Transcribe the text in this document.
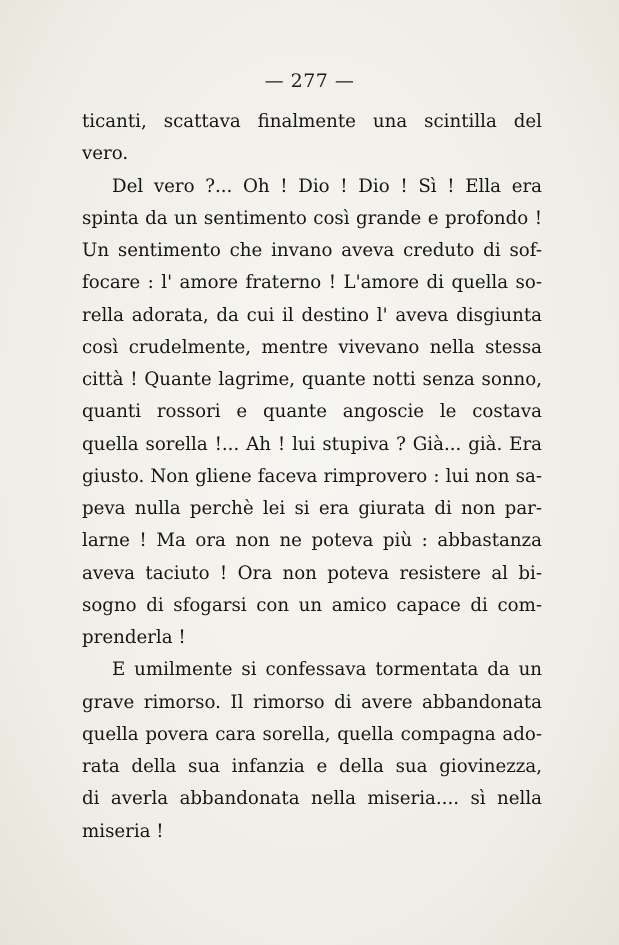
— 277 —
ticanti, scattava finalmente una scintilla del
vero.
Del vero ?... Oh ! Dio ! Dio ! Sì ! Ella era
spinta da un sentimento così grande e profondo !
Un sentimento che invano aveva creduto di sof-
focare : l' amore fraterno ! L'amore di quella so-
rella adorata, da cui il destino l' aveva disgiunta
così crudelmente, mentre vivevano nella stessa
città ! Quante lagrime, quante notti senza sonno,
quanti rossori e quante angoscie le costava
quella sorella !... Ah ! lui stupiva ? Già... già. Era
giusto. Non gliene faceva rimprovero : lui non sa-
peva nulla perchè lei si era giurata di non par-
larne ! Ma ora non ne poteva più : abbastanza
aveva taciuto ! Ora non poteva resistere al bi-
sogno di sfogarsi con un amico capace di com-
prenderla !
E umilmente si confessava tormentata da un
grave rimorso. Il rimorso di avere abbandonata
quella povera cara sorella, quella compagna ado-
rata della sua infanzia e della sua giovinezza,
di averla abbandonata nella miseria.... sì nella
miseria !
